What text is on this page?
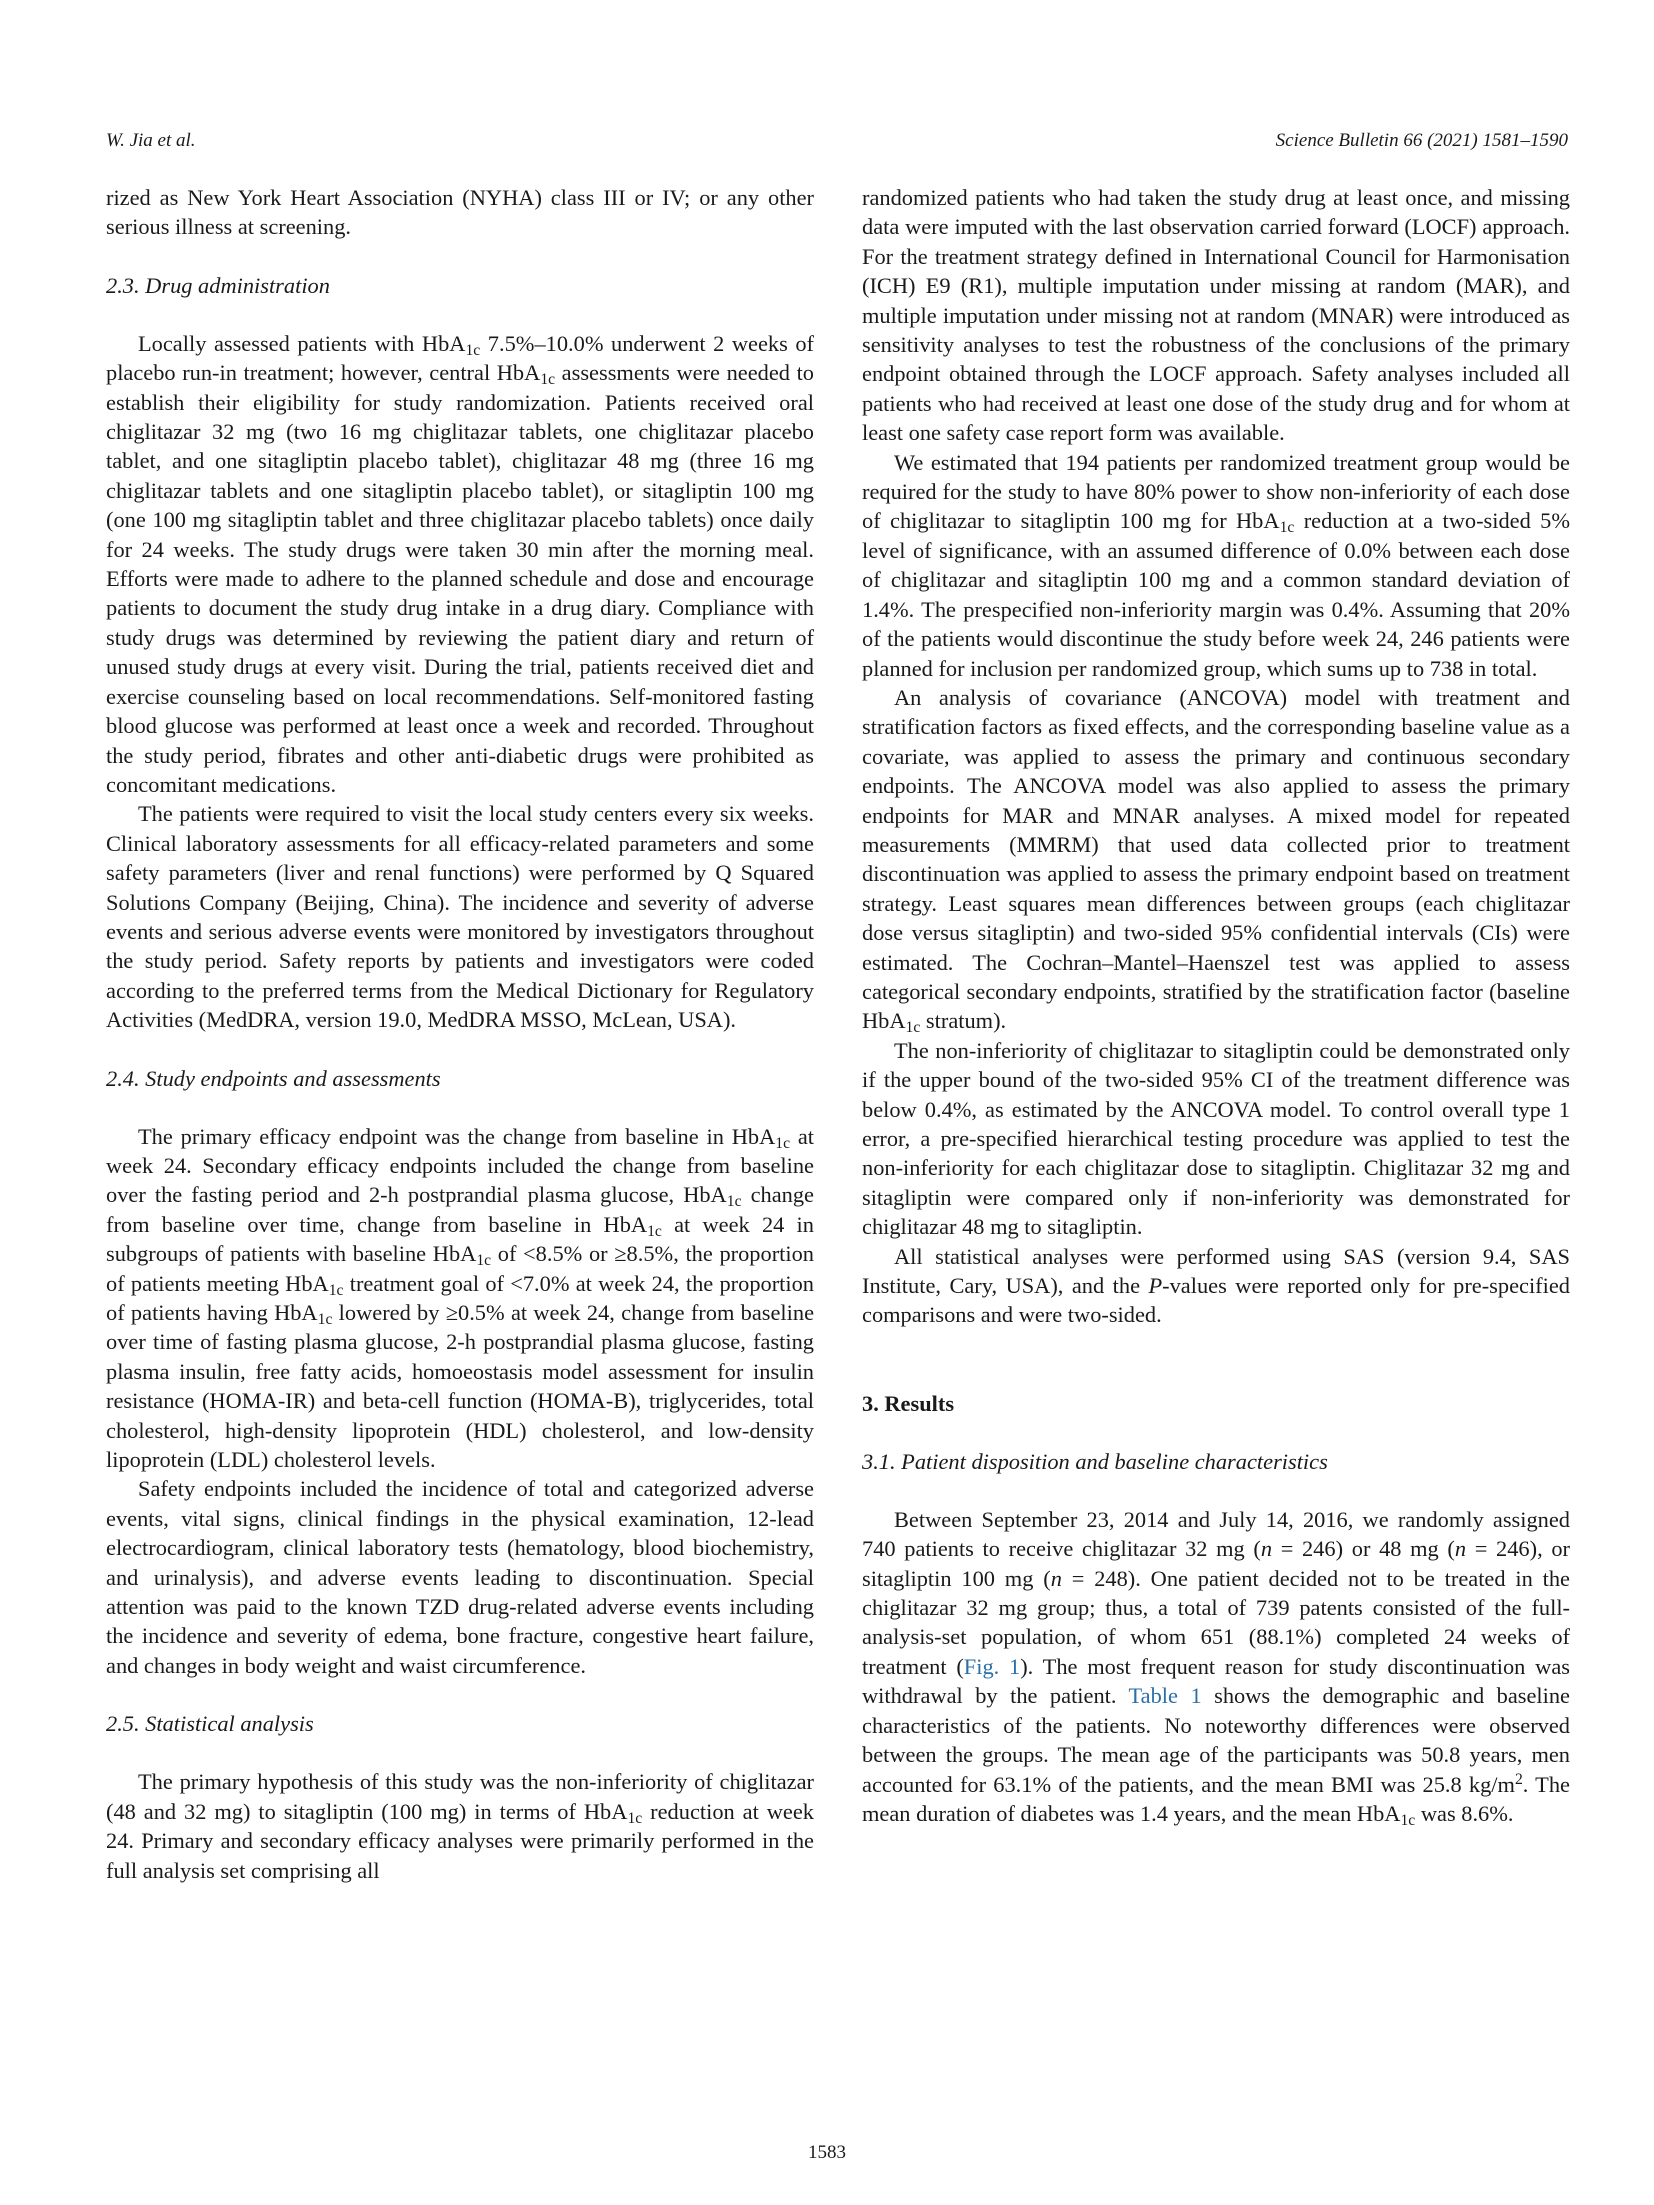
W. Jia et al.	Science Bulletin 66 (2021) 1581–1590

rized as New York Heart Association (NYHA) class III or IV; or any other serious illness at screening.

2.3. Drug administration

Locally assessed patients with HbA$_{1c}$ 7.5%–10.0% underwent 2 weeks of placebo run-in treatment; however, central HbA$_{1c}$ assessments were needed to establish their eligibility for study randomization. Patients received oral chiglitazar 32 mg (two 16 mg chiglitazar tablets, one chiglitazar placebo tablet, and one sitagliptin placebo tablet), chiglitazar 48 mg (three 16 mg chiglitazar tablets and one sitagliptin placebo tablet), or sitagliptin 100 mg (one 100 mg sitagliptin tablet and three chiglitazar placebo tablets) once daily for 24 weeks. The study drugs were taken 30 min after the morning meal. Efforts were made to adhere to the planned schedule and dose and encourage patients to document the study drug intake in a drug diary. Compliance with study drugs was determined by reviewing the patient diary and return of unused study drugs at every visit. During the trial, patients received diet and exercise counseling based on local recommendations. Self-monitored fasting blood glucose was performed at least once a week and recorded. Throughout the study period, fibrates and other anti-diabetic drugs were prohibited as concomitant medications.

The patients were required to visit the local study centers every six weeks. Clinical laboratory assessments for all efficacy-related parameters and some safety parameters (liver and renal functions) were performed by Q Squared Solutions Company (Beijing, China). The incidence and severity of adverse events and serious adverse events were monitored by investigators throughout the study period. Safety reports by patients and investigators were coded according to the preferred terms from the Medical Dictionary for Regulatory Activities (MedDRA, version 19.0, MedDRA MSSO, McLean, USA).

2.4. Study endpoints and assessments

The primary efficacy endpoint was the change from baseline in HbA$_{1c}$ at week 24. Secondary efficacy endpoints included the change from baseline over the fasting period and 2-h postprandial plasma glucose, HbA$_{1c}$ change from baseline over time, change from baseline in HbA$_{1c}$ at week 24 in subgroups of patients with baseline HbA$_{1c}$ of <8.5% or ≥8.5%, the proportion of patients meeting HbA$_{1c}$ treatment goal of <7.0% at week 24, the proportion of patients having HbA$_{1c}$ lowered by ≥0.5% at week 24, change from baseline over time of fasting plasma glucose, 2-h postprandial plasma glucose, fasting plasma insulin, free fatty acids, homoeostasis model assessment for insulin resistance (HOMA-IR) and beta-cell function (HOMA-B), triglycerides, total cholesterol, high-density lipoprotein (HDL) cholesterol, and low-density lipoprotein (LDL) cholesterol levels.

Safety endpoints included the incidence of total and categorized adverse events, vital signs, clinical findings in the physical examination, 12-lead electrocardiogram, clinical laboratory tests (hematology, blood biochemistry, and urinalysis), and adverse events leading to discontinuation. Special attention was paid to the known TZD drug-related adverse events including the incidence and severity of edema, bone fracture, congestive heart failure, and changes in body weight and waist circumference.

2.5. Statistical analysis

The primary hypothesis of this study was the non-inferiority of chiglitazar (48 and 32 mg) to sitagliptin (100 mg) in terms of HbA$_{1c}$ reduction at week 24. Primary and secondary efficacy analyses were primarily performed in the full analysis set comprising all

randomized patients who had taken the study drug at least once, and missing data were imputed with the last observation carried forward (LOCF) approach. For the treatment strategy defined in International Council for Harmonisation (ICH) E9 (R1), multiple imputation under missing at random (MAR), and multiple imputation under missing not at random (MNAR) were introduced as sensitivity analyses to test the robustness of the conclusions of the primary endpoint obtained through the LOCF approach. Safety analyses included all patients who had received at least one dose of the study drug and for whom at least one safety case report form was available.

We estimated that 194 patients per randomized treatment group would be required for the study to have 80% power to show non-inferiority of each dose of chiglitazar to sitagliptin 100 mg for HbA$_{1c}$ reduction at a two-sided 5% level of significance, with an assumed difference of 0.0% between each dose of chiglitazar and sitagliptin 100 mg and a common standard deviation of 1.4%. The prespecified non-inferiority margin was 0.4%. Assuming that 20% of the patients would discontinue the study before week 24, 246 patients were planned for inclusion per randomized group, which sums up to 738 in total.

An analysis of covariance (ANCOVA) model with treatment and stratification factors as fixed effects, and the corresponding baseline value as a covariate, was applied to assess the primary and continuous secondary endpoints. The ANCOVA model was also applied to assess the primary endpoints for MAR and MNAR analyses. A mixed model for repeated measurements (MMRM) that used data collected prior to treatment discontinuation was applied to assess the primary endpoint based on treatment strategy. Least squares mean differences between groups (each chiglitazar dose versus sitagliptin) and two-sided 95% confidential intervals (CIs) were estimated. The Cochran–Mantel–Haenszel test was applied to assess categorical secondary endpoints, stratified by the stratification factor (baseline HbA$_{1c}$ stratum).

The non-inferiority of chiglitazar to sitagliptin could be demonstrated only if the upper bound of the two-sided 95% CI of the treatment difference was below 0.4%, as estimated by the ANCOVA model. To control overall type 1 error, a pre-specified hierarchical testing procedure was applied to test the non-inferiority for each chiglitazar dose to sitagliptin. Chiglitazar 32 mg and sitagliptin were compared only if non-inferiority was demonstrated for chiglitazar 48 mg to sitagliptin.

All statistical analyses were performed using SAS (version 9.4, SAS Institute, Cary, USA), and the P-values were reported only for pre-specified comparisons and were two-sided.

3. Results
3.1. Patient disposition and baseline characteristics

Between September 23, 2014 and July 14, 2016, we randomly assigned 740 patients to receive chiglitazar 32 mg (n = 246) or 48 mg (n = 246), or sitagliptin 100 mg (n = 248). One patient decided not to be treated in the chiglitazar 32 mg group; thus, a total of 739 patents consisted of the full-analysis-set population, of whom 651 (88.1%) completed 24 weeks of treatment (Fig. 1). The most frequent reason for study discontinuation was withdrawal by the patient. Table 1 shows the demographic and baseline characteristics of the patients. No noteworthy differences were observed between the groups. The mean age of the participants was 50.8 years, men accounted for 63.1% of the patients, and the mean BMI was 25.8 $kg/m^2$. The mean duration of diabetes was 1.4 years, and the mean HbA$_{1c}$ was 8.6%.

1583
